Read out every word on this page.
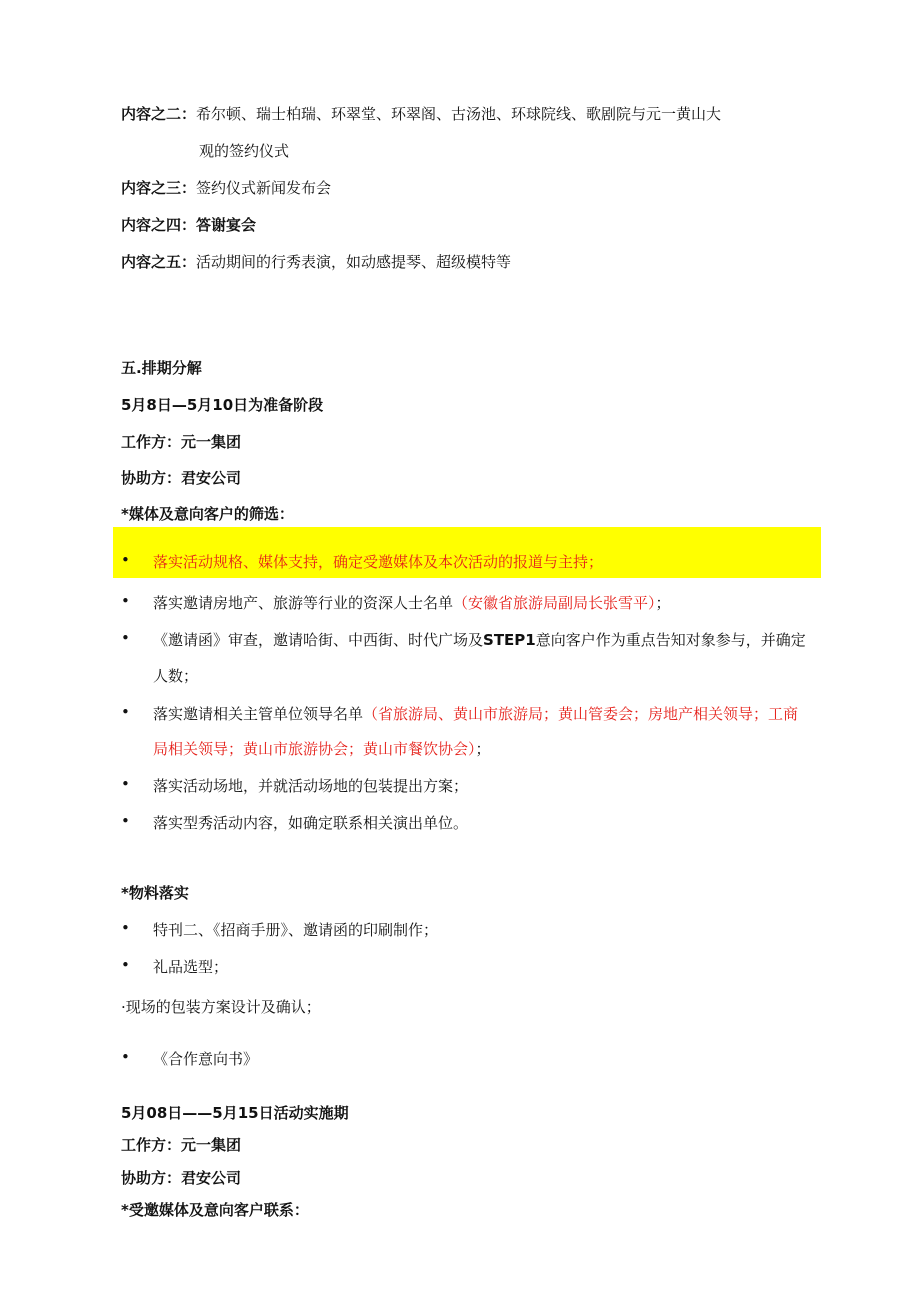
内容之二：希尔顿、瑞士柏瑞、环翠堂、环翠阁、古汤池、环球院线、歌剧院与元一黄山大
观的签约仪式
内容之三：签约仪式新闻发布会
内容之四：答谢宴会
内容之五：活动期间的行秀表演，如动感提琴、超级模特等
五.排期分解
5月8日—5月10日为准备阶段
工作方：元一集团
协助方：君安公司
*媒体及意向客户的筛选：
• 落实活动规格、媒体支持，确定受邀媒体及本次活动的报道与主持；
• 落实邀请房地产、旅游等行业的资深人士名单（安徽省旅游局副局长张雪平）；
• 《邀请函》审查，邀请哈街、中西街、时代广场及STEP1意向客户作为重点告知对象参与，并确定
人数；
• 落实邀请相关主管单位领导名单（省旅游局、黄山市旅游局；黄山管委会；房地产相关领导；工商
局相关领导；黄山市旅游协会；黄山市餐饮协会）；
• 落实活动场地，并就活动场地的包装提出方案；
• 落实型秀活动内容，如确定联系相关演出单位。
*物料落实
• 特刊二、《招商手册》、邀请函的印刷制作；
• 礼品选型；
·现场的包装方案设计及确认；
• 《合作意向书》
5月08日——5月15日活动实施期
工作方：元一集团
协助方：君安公司
*受邀媒体及意向客户联系：
